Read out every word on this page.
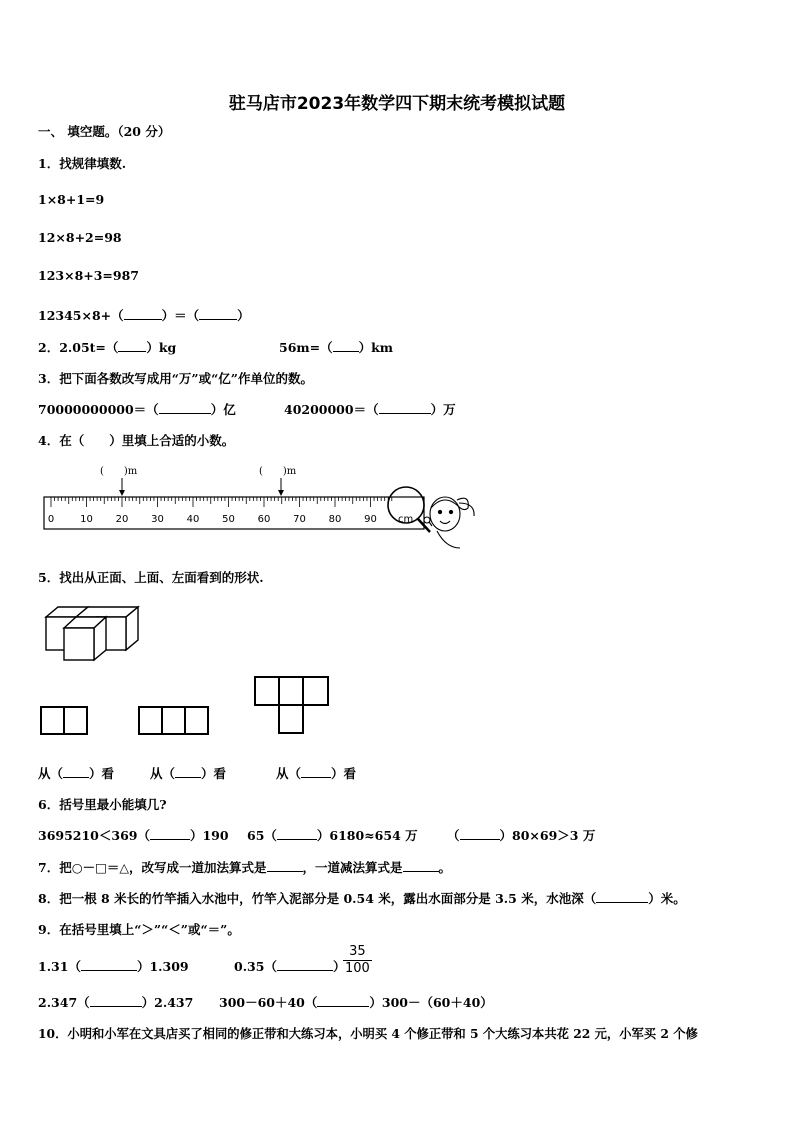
驻马店市2023年数学四下期末统考模拟试题
一、 填空题。（20 分）
1．找规律填数.
1×8+1=9
12×8+2=98
123×8+3=987
12345×8+（	）＝（	）
2．2.05t=（ ）kg	56m=（ ）km
3．把下面各数改写成用“万”或“亿”作单位的数。
70000000000＝（	）亿	40200000＝（	）万
4．在（　　）里填上合适的小数。
(　　)m	(　　)m
0	10 20 30 40 50 60 70 80 90 cm
5．找出从正面、上面、左面看到的形状.
从（ ）看	从（ ）看	从（ ）看
6．括号里最小能填几?
3695210＜369（	）190 65（	）6180≈654 万 （	）80×69＞3 万
7．把○－□＝△，改写成一道加法算式是	，一道减法算式是	。
8．把一根 8 米长的竹竿插入水池中，竹竿入泥部分是 0.54 米，露出水面部分是 3.5 米，水池深（	）米。
9．在括号里填上“＞”“＜”或“＝”。
1.31（	）1.309	0.35（	）
$\frac{35}{100}$
2.347（	）2.437 300－60＋40（	）300－（60＋40）
10．小明和小军在文具店买了相同的修正带和大练习本，小明买 4 个修正带和 5 个大练习本共花 22 元，小军买 2 个修
